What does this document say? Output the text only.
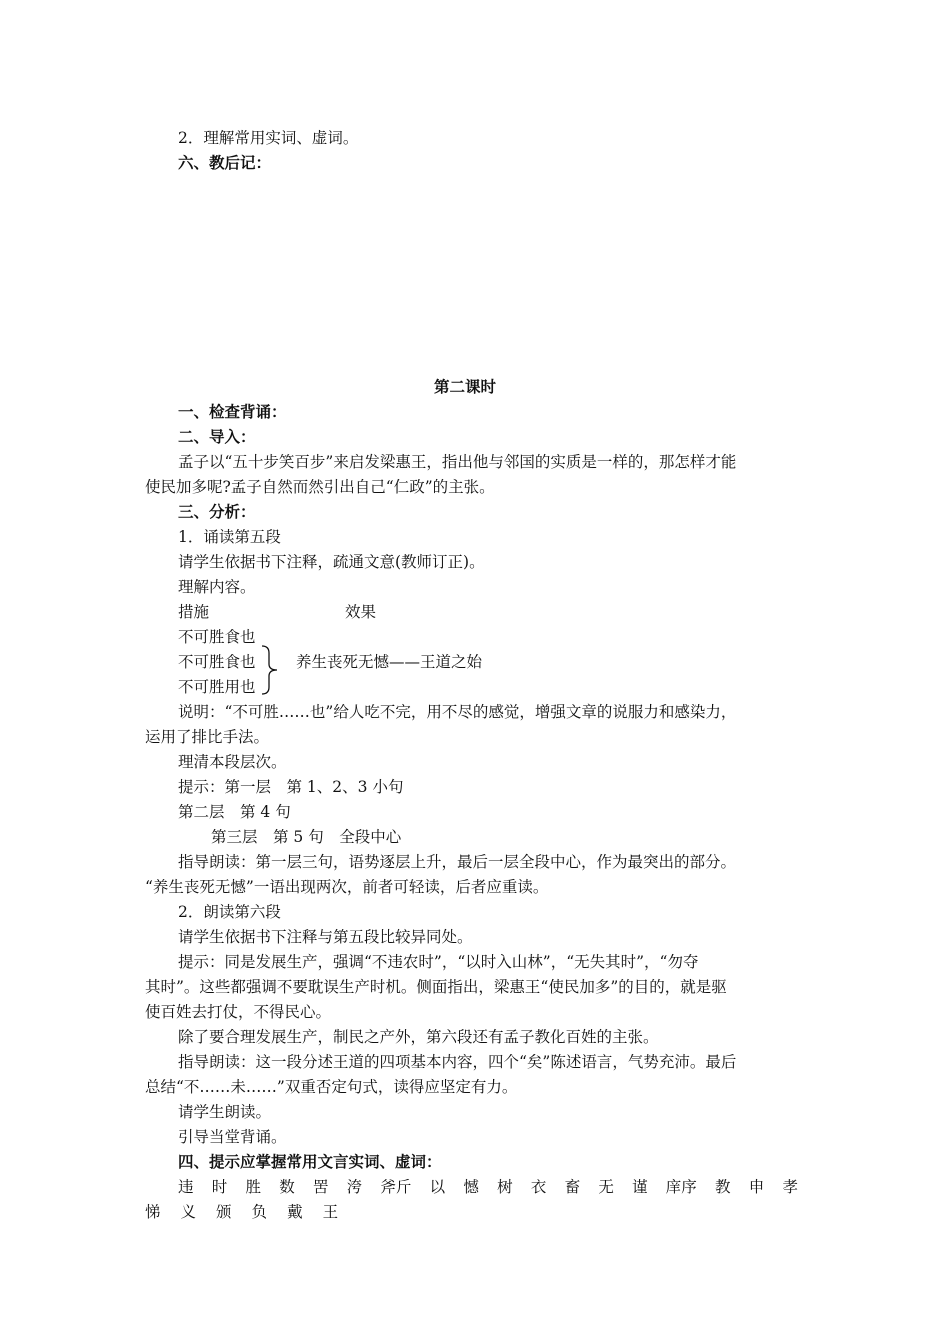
2．理解常用实词、虚词。
六、教后记：
第二课时
一、检查背诵：
二、导入：
孟子以“五十步笑百步”来启发梁惠王，指出他与邻国的实质是一样的，那怎样才能
使民加多呢?孟子自然而然引出自己“仁政”的主张。
三、分析：
1．诵读第五段
请学生依据书下注释，疏通文意(教师订正)。
理解内容。
措施	效果
不可胜食也
不可胜食也
不可胜用也
养生丧死无憾——王道之始
说明：“不可胜……也”给人吃不完，用不尽的感觉，增强文章的说服力和感染力，
运用了排比手法。
理清本段层次。
提示：第一层　第 1、2、3 小句
第二层　第 4 句
第三层　第 5 句　全段中心
指导朗读：第一层三句，语势逐层上升，最后一层全段中心，作为最突出的部分。
“养生丧死无憾”一语出现两次，前者可轻读，后者应重读。
2．朗读第六段
请学生依据书下注释与第五段比较异同处。
提示：同是发展生产，强调“不违农时”，“以时入山林”，“无失其时”，“勿夺
其时”。这些都强调不要耽误生产时机。侧面指出，梁惠王“使民加多”的目的，就是驱
使百姓去打仗，不得民心。
除了要合理发展生产，制民之产外，第六段还有孟子教化百姓的主张。
指导朗读：这一段分述王道的四项基本内容，四个“矣”陈述语言，气势充沛。最后
总结“不……未……”双重否定句式，读得应坚定有力。
请学生朗读。
引导当堂背诵。
四、提示应掌握常用文言实词、虚词：
违 时 胜 数 罟 洿 斧斤 以 憾 树 衣 畜 无 谨 庠序 教 申 孝
悌 义 颁 负 戴 王
